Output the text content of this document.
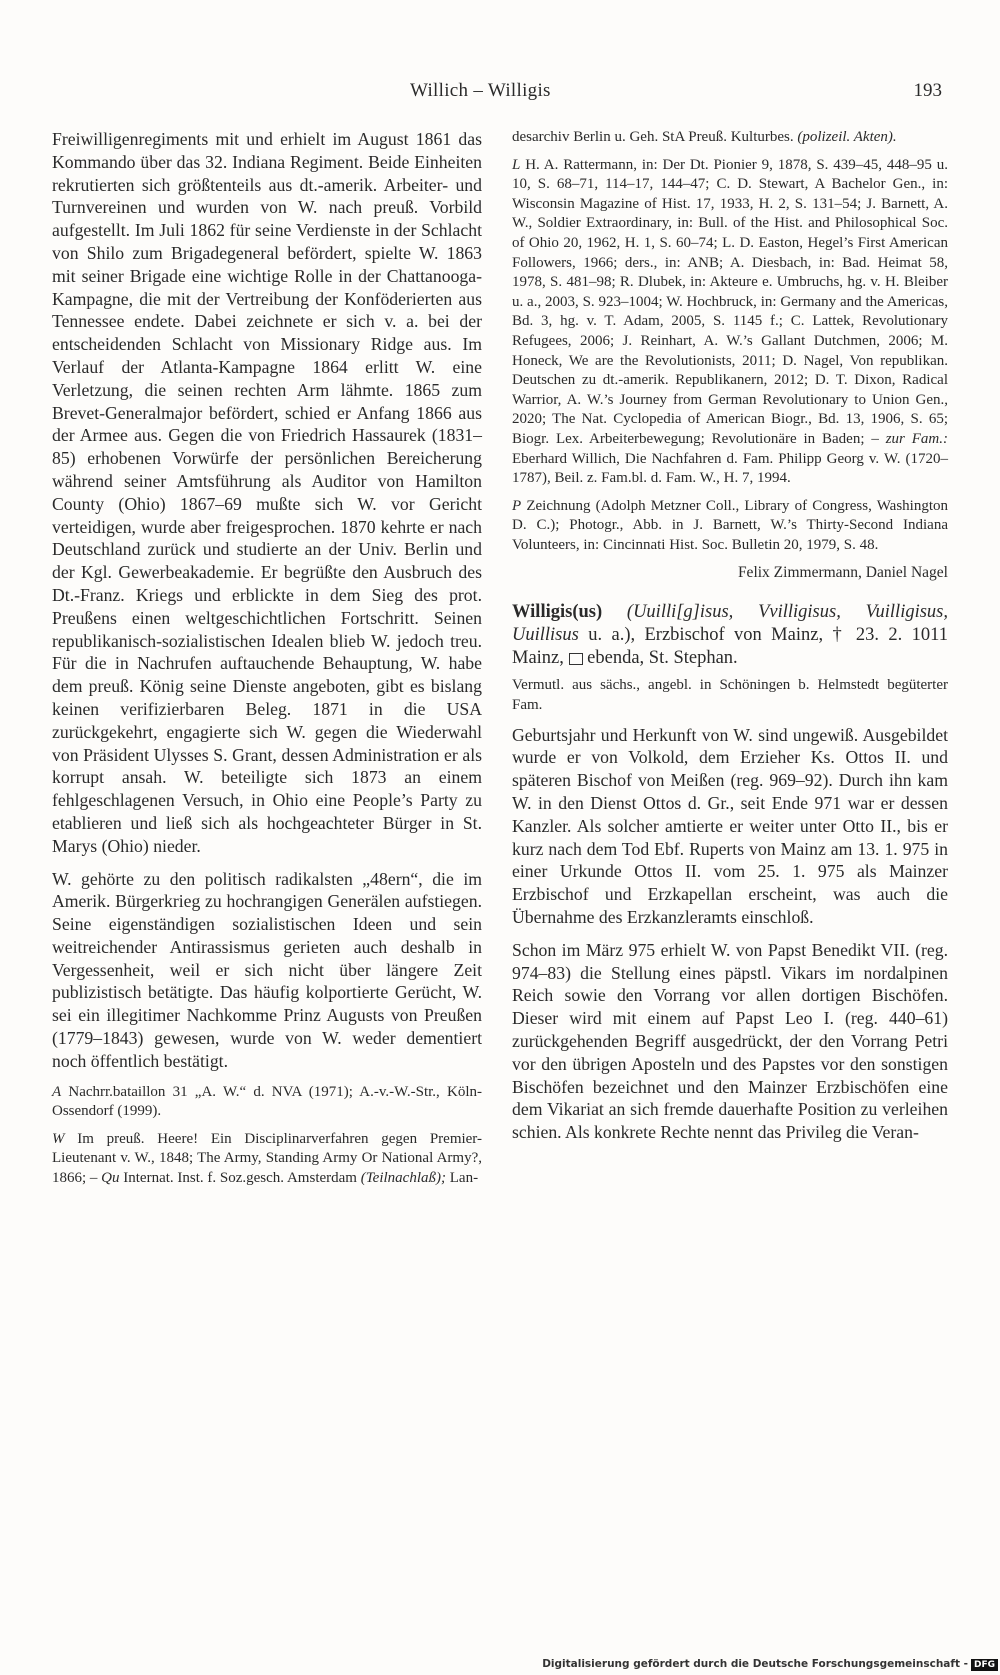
Willich – Willigis	193

Freiwilligenregiments mit und erhielt im August 1861 das Kommando über das 32. Indiana Regiment. Beide Einheiten rekrutierten sich größtenteils aus dt.-amerik. Arbeiter- und Turnvereinen und wurden von W. nach preuß. Vorbild aufgestellt. Im Juli 1862 für seine Verdienste in der Schlacht von Shilo zum Brigadegeneral befördert, spielte W. 1863 mit seiner Brigade eine wichtige Rolle in der Chattanooga-Kampagne, die mit der Vertreibung der Konföderierten aus Tennessee endete. Dabei zeichnete er sich v. a. bei der entscheidenden Schlacht von Missionary Ridge aus. Im Verlauf der Atlanta-Kampagne 1864 erlitt W. eine Verletzung, die seinen rechten Arm lähmte. 1865 zum Brevet-Generalmajor befördert, schied er Anfang 1866 aus der Armee aus. Gegen die von Friedrich Hassaurek (1831–85) erhobenen Vorwürfe der persönlichen Bereicherung während seiner Amtsführung als Auditor von Hamilton County (Ohio) 1867–69 mußte sich W. vor Gericht verteidigen, wurde aber freigesprochen. 1870 kehrte er nach Deutschland zurück und studierte an der Univ. Berlin und der Kgl. Gewerbeakademie. Er begrüßte den Ausbruch des Dt.-Franz. Kriegs und erblickte in dem Sieg des prot. Preußens einen weltgeschichtlichen Fortschritt. Seinen republikanisch-sozialistischen Idealen blieb W. jedoch treu. Für die in Nachrufen auftauchende Behauptung, W. habe dem preuß. König seine Dienste angeboten, gibt es bislang keinen verifizierbaren Beleg. 1871 in die USA zurückgekehrt, engagierte sich W. gegen die Wiederwahl von Präsident Ulysses S. Grant, dessen Administration er als korrupt ansah. W. beteiligte sich 1873 an einem fehlgeschlagenen Versuch, in Ohio eine People’s Party zu etablieren und ließ sich als hochgeachteter Bürger in St. Marys (Ohio) nieder.

W. gehörte zu den politisch radikalsten „48ern“, die im Amerik. Bürgerkrieg zu hochrangigen Generälen aufstiegen. Seine eigenständigen sozialistischen Ideen und sein weitreichender Antirassismus gerieten auch deshalb in Vergessenheit, weil er sich nicht über längere Zeit publizistisch betätigte. Das häufig kolportierte Gerücht, W. sei ein illegitimer Nachkomme Prinz Augusts von Preußen (1779–1843) gewesen, wurde von W. weder dementiert noch öffentlich bestätigt.

A Nachrr.bataillon 31 „A. W.“ d. NVA (1971); A.-v.-W.-Str., Köln-Ossendorf (1999).

W Im preuß. Heere! Ein Disciplinarverfahren gegen Premier-Lieutenant v. W., 1848; The Army, Standing Army Or National Army?, 1866; – Qu Internat. Inst. f. Soz.gesch. Amsterdam (Teilnachlaß); Lan-

desarchiv Berlin u. Geh. StA Preuß. Kulturbes. (polizeil. Akten).

L H. A. Rattermann, in: Der Dt. Pionier 9, 1878, S. 439–45, 448–95 u. 10, S. 68–71, 114–17, 144–47; C. D. Stewart, A Bachelor Gen., in: Wisconsin Magazine of Hist. 17, 1933, H. 2, S. 131–54; J. Barnett, A. W., Soldier Extraordinary, in: Bull. of the Hist. and Philosophical Soc. of Ohio 20, 1962, H. 1, S. 60–74; L. D. Easton, Hegel’s First American Followers, 1966; ders., in: ANB; A. Diesbach, in: Bad. Heimat 58, 1978, S. 481–98; R. Dlubek, in: Akteure e. Umbruchs, hg. v. H. Bleiber u. a., 2003, S. 923–1004; W. Hochbruck, in: Germany and the Americas, Bd. 3, hg. v. T. Adam, 2005, S. 1145 f.; C. Lattek, Revolutionary Refugees, 2006; J. Reinhart, A. W.’s Gallant Dutchmen, 2006; M. Honeck, We are the Revolutionists, 2011; D. Nagel, Von republikan. Deutschen zu dt.-amerik. Republikanern, 2012; D. T. Dixon, Radical Warrior, A. W.’s Journey from German Revolutionary to Union Gen., 2020; The Nat. Cyclopedia of American Biogr., Bd. 13, 1906, S. 65; Biogr. Lex. Arbeiterbewegung; Revolutionäre in Baden; – zur Fam.: Eberhard Willich, Die Nachfahren d. Fam. Philipp Georg v. W. (1720–1787), Beil. z. Fam.bl. d. Fam. W., H. 7, 1994.

P Zeichnung (Adolph Metzner Coll., Library of Congress, Washington D. C.); Photogr., Abb. in J. Barnett, W.’s Thirty-Second Indiana Volunteers, in: Cincinnati Hist. Soc. Bulletin 20, 1979, S. 48.

Felix Zimmermann, Daniel Nagel

Willigis(us) (Uuilli[g]isus, Vvilligisus, Vuilligisus, Uuillisus u. a.), Erzbischof von Mainz, † 23. 2. 1011 Mainz,  ebenda, St. Stephan.

Vermutl. aus sächs., angebl. in Schöningen b. Helmstedt begüterter Fam.

Geburtsjahr und Herkunft von W. sind ungewiß. Ausgebildet wurde er von Volkold, dem Erzieher Ks. Ottos II. und späteren Bischof von Meißen (reg. 969–92). Durch ihn kam W. in den Dienst Ottos d. Gr., seit Ende 971 war er dessen Kanzler. Als solcher amtierte er weiter unter Otto II., bis er kurz nach dem Tod Ebf. Ruperts von Mainz am 13. 1. 975 in einer Urkunde Ottos II. vom 25. 1. 975 als Mainzer Erzbischof und Erzkapellan erscheint, was auch die Übernahme des Erzkanzleramts einschloß.

Schon im März 975 erhielt W. von Papst Benedikt VII. (reg. 974–83) die Stellung eines päpstl. Vikars im nordalpinen Reich sowie den Vorrang vor allen dortigen Bischöfen. Dieser wird mit einem auf Papst Leo I. (reg. 440–61) zurückgehenden Begriff ausgedrückt, der den Vorrang Petri vor den übrigen Aposteln und des Papstes vor den sonstigen Bischöfen bezeichnet und den Mainzer Erzbischöfen eine dem Vikariat an sich fremde dauerhafte Position zu verleihen schien. Als konkrete Rechte nennt das Privileg die Veran-

Digitalisierung gefördert durch die Deutsche Forschungsgemeinschaft - DFG
